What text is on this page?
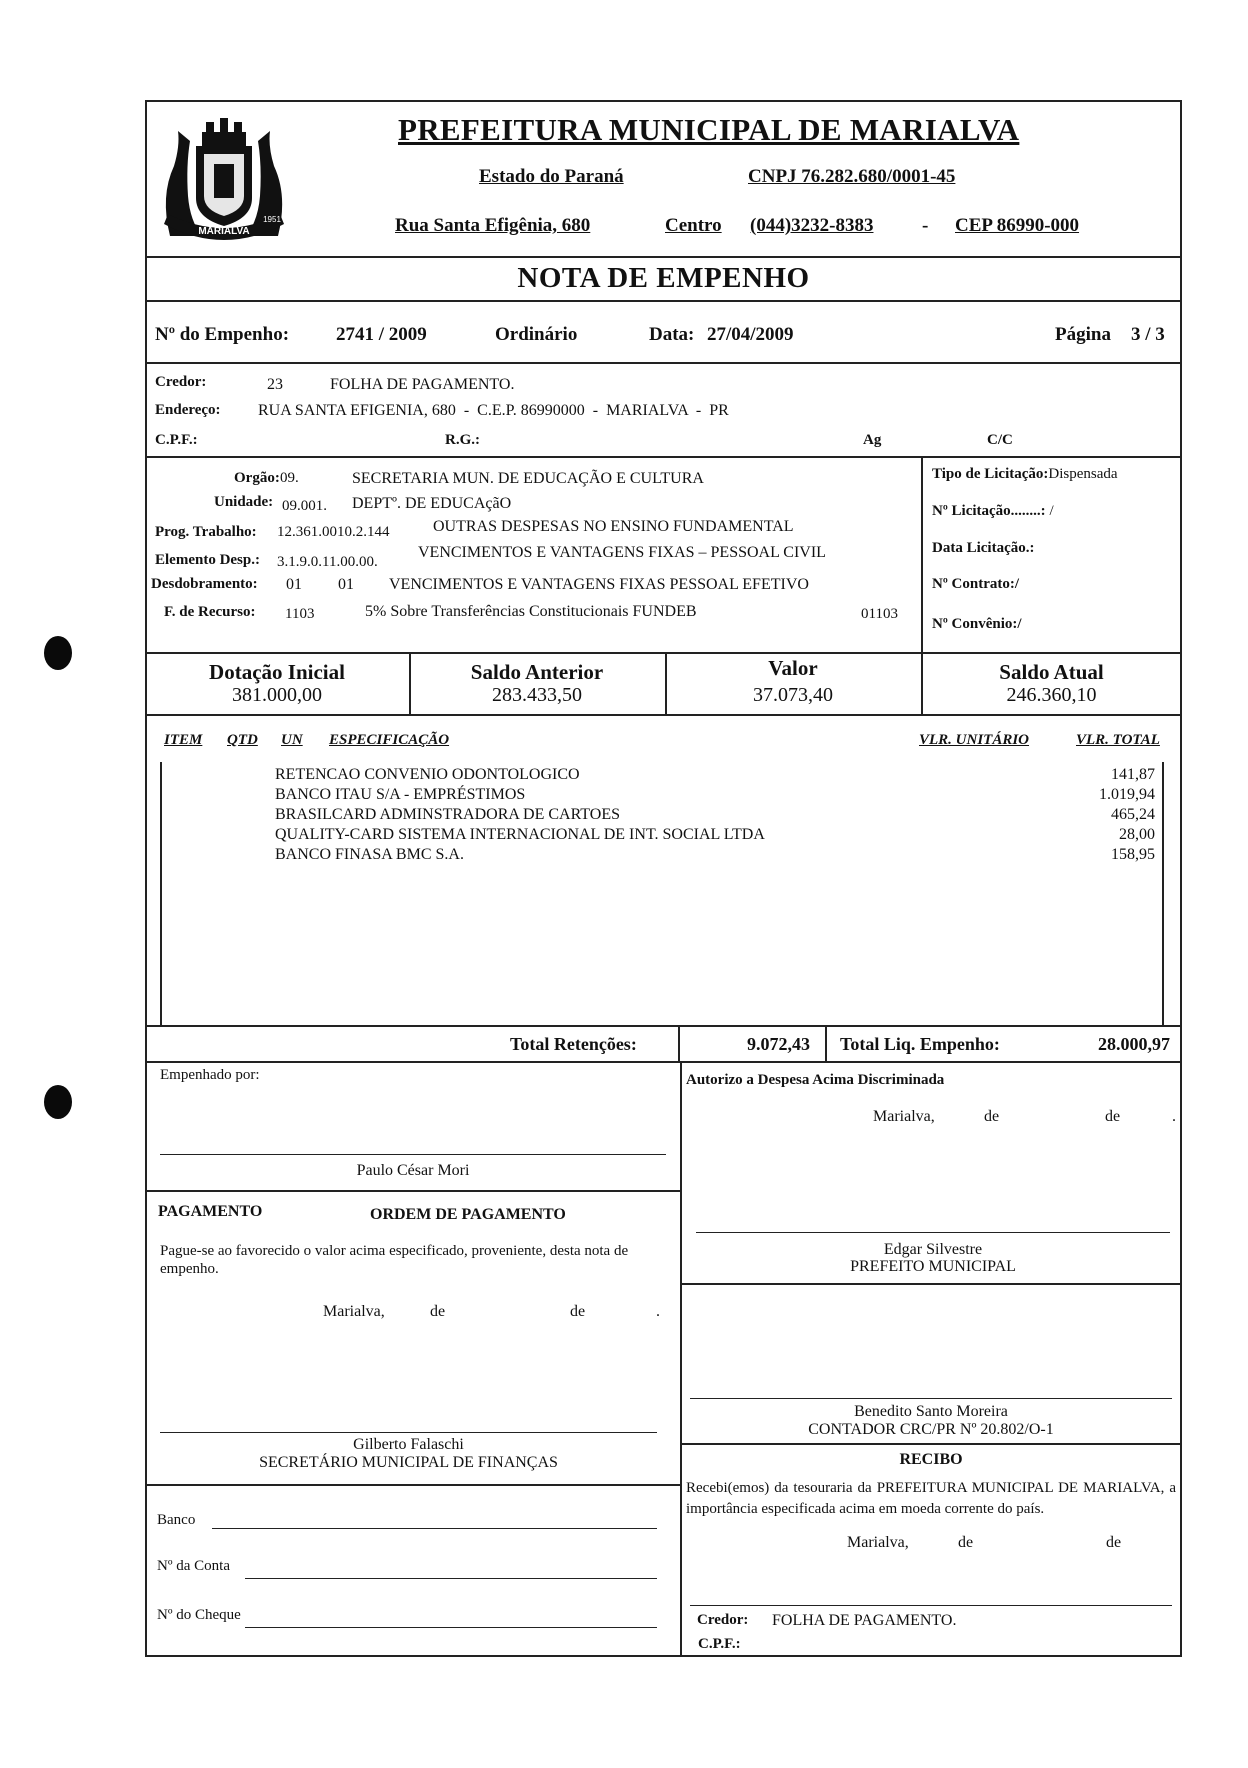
MARIALVA
1951
PREFEITURA MUNICIPAL DE MARIALVA
Estado do Paraná	CNPJ 76.282.680/0001-45
Rua Santa Efigênia, 680	Centro (044)3232-8383	- CEP 86990-000
NOTA DE EMPENHO
Nº do Empenho: 2741 / 2009	Ordinário	Data: 27/04/2009	Página 3 / 3
Credor:	23	FOLHA DE PAGAMENTO.
Endereço: RUA SANTA EFIGENIA, 680  -  C.E.P. 86990000  -  MARIALVA  -  PR
C.P.F.:	R.G.:	Ag	C/C
Orgão: 09.	SECRETARIA MUN. DE EDUCAÇÃO E CULTURA
Unidade: 09.001. DEPTº. DE EDUCAçãO
Prog. Trabalho: 12.361.0010.2.144	OUTRAS DESPESAS NO ENSINO FUNDAMENTAL
Elemento Desp.: 3.1.9.0.11.00.00.
VENCIMENTOS E VANTAGENS FIXAS – PESSOAL CIVIL
Desdobramento: 01 01 VENCIMENTOS E VANTAGENS FIXAS PESSOAL EFETIVO
F. de Recurso: 1103	5% Sobre Transferências Constitucionais FUNDEB	01103
Tipo de Licitação:Dispensada
Nº Licitação........: /
Data Licitação.:
Nº Contrato:/
Nº Convênio:/
Dotação Inicial
381.000,00
Saldo Anterior
283.433,50
Valor
37.073,40
Saldo Atual
246.360,10
ITEM QTD UN ESPECIFICAÇÃO	VLR. UNITÁRIO	VLR. TOTAL
RETENCAO CONVENIO ODONTOLOGICO	141,87
BANCO ITAU S/A - EMPRÉSTIMOS	1.019,94
BRASILCARD ADMINSTRADORA DE CARTOES	465,24
QUALITY-CARD SISTEMA INTERNACIONAL DE INT. SOCIAL LTDA	28,00
BANCO FINASA BMC S.A.	158,95
Total Retenções:	9.072,43 Total Liq. Empenho:	28.000,97
Empenhado por:
Paulo César Mori
PAGAMENTO	ORDEM DE PAGAMENTO
Pague-se ao favorecido o valor acima especificado, proveniente, desta nota de empenho.
Marialva,	de	de	.
Gilberto Falaschi
SECRETÁRIO MUNICIPAL DE FINANÇAS
Banco
Nº da Conta
Nº do Cheque
Autorizo a Despesa Acima Discriminada
Marialva,	de	de	.
Edgar Silvestre
PREFEITO MUNICIPAL
Benedito Santo Moreira
CONTADOR CRC/PR Nº 20.802/O-1
RECIBO
Recebi(emos) da tesouraria da PREFEITURA MUNICIPAL DE MARIALVA, a importância especificada acima em moeda corrente do país.
Marialva,	de	de
Credor: FOLHA DE PAGAMENTO.
C.P.F.:
